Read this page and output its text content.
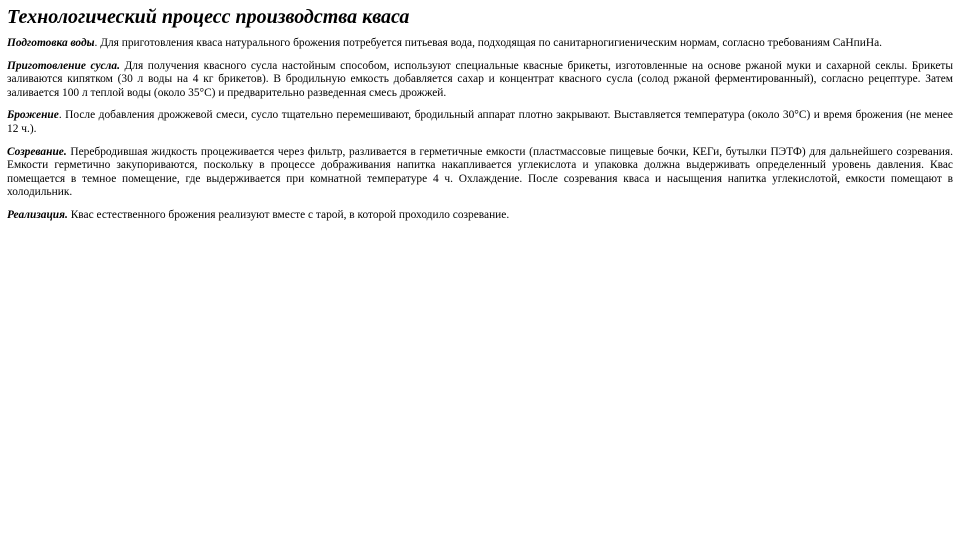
Технологический процесс производства кваса

Подготовка воды. Для приготовления кваса натурального брожения потребуется питьевая вода, подходящая по санитарногигиеническим нормам, согласно требованиям СаНпиНа.

Приготовление сусла. Для получения квасного сусла настойным способом, используют специальные квасные брикеты, изготовленные на основе ржаной муки и сахарной секлы. Брикеты заливаются кипятком (30 л воды на 4 кг брикетов). В бродильную емкость добавляется сахар и концентрат квасного сусла (солод ржаной ферментированный), согласно рецептуре. Затем заливается 100 л теплой воды (около 35°С) и предварительно разведенная смесь дрожжей.

Брожение. После добавления дрожжевой смеси, сусло тщательно перемешивают, бродильный аппарат плотно закрывают. Выставляется температура (около 30°С) и время брожения (не менее 12 ч.).

Созревание. Перебродившая жидкость процеживается через фильтр, разливается в герметичные емкости (пластмассовые пищевые бочки, КЕГи, бутылки ПЭТФ) для дальнейшего созревания. Емкости герметично закупориваются, поскольку в процессе дображивания напитка накапливается углекислота и упаковка должна выдерживать определенный уровень давления. Квас помещается в темное помещение, где выдерживается при комнатной температуре 4 ч. Охлаждение. После созревания кваса и насыщения напитка углекислотой, емкости помещают в холодильник.

Реализация. Квас естественного брожения реализуют вместе с тарой, в которой проходило созревание.
